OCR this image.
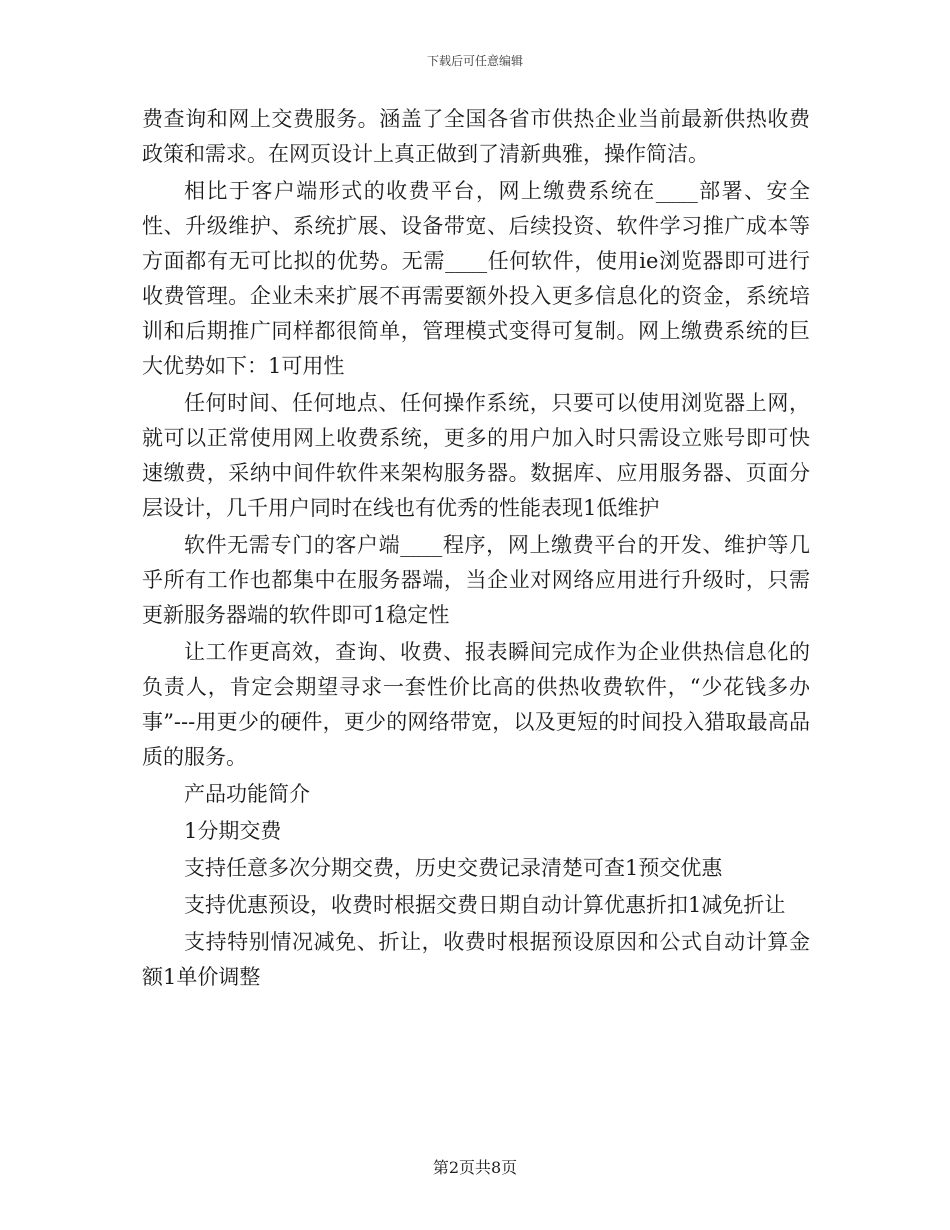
下载后可任意编辑

费查询和网上交费服务。涵盖了全国各省市供热企业当前最新供热收费政策和需求。在网页设计上真正做到了清新典雅，操作简洁。

相比于客户端形式的收费平台，网上缴费系统在____部署、安全性、升级维护、系统扩展、设备带宽、后续投资、软件学习推广成本等方面都有无可比拟的优势。无需____任何软件，使用ie浏览器即可进行收费管理。企业未来扩展不再需要额外投入更多信息化的资金，系统培训和后期推广同样都很简单，管理模式变得可复制。网上缴费系统的巨大优势如下：1可用性

任何时间、任何地点、任何操作系统，只要可以使用浏览器上网，就可以正常使用网上收费系统，更多的用户加入时只需设立账号即可快速缴费，采纳中间件软件来架构服务器。数据库、应用服务器、页面分层设计，几千用户同时在线也有优秀的性能表现1低维护

软件无需专门的客户端____程序，网上缴费平台的开发、维护等几乎所有工作也都集中在服务器端，当企业对网络应用进行升级时，只需更新服务器端的软件即可1稳定性

让工作更高效，查询、收费、报表瞬间完成作为企业供热信息化的负责人，肯定会期望寻求一套性价比高的供热收费软件，“少花钱多办事”---用更少的硬件，更少的网络带宽，以及更短的时间投入猎取最高品质的服务。

产品功能简介

1分期交费

支持任意多次分期交费，历史交费记录清楚可查1预交优惠

支持优惠预设，收费时根据交费日期自动计算优惠折扣1减免折让

支持特别情况减免、折让，收费时根据预设原因和公式自动计算金额1单价调整

第2页共8页
